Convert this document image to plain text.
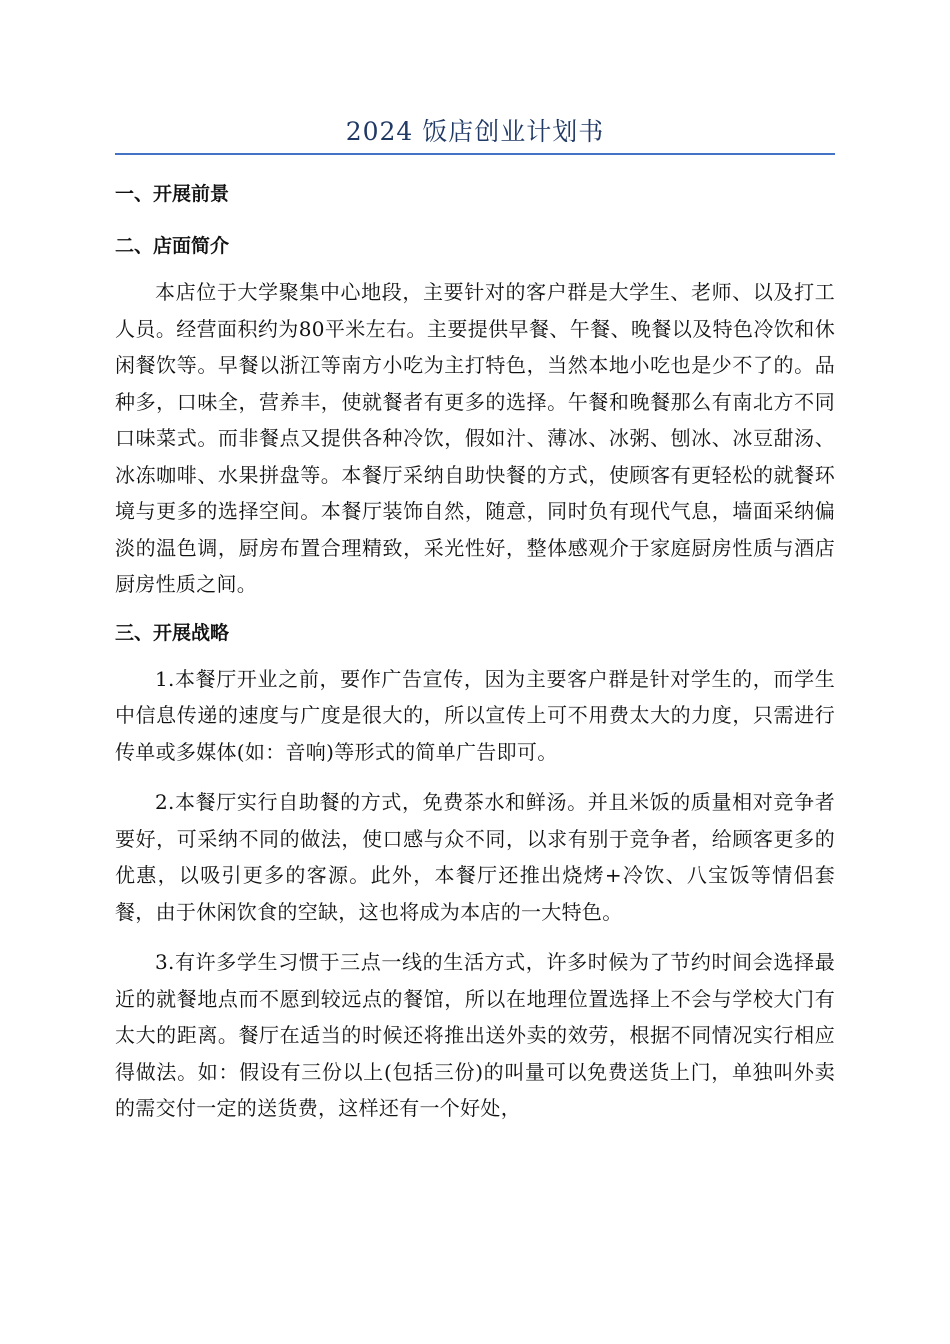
2024 饭店创业计划书

一、开展前景

二、店面简介

本店位于大学聚集中心地段，主要针对的客户群是大学生、老师、以及打工人员。经营面积约为80平米左右。主要提供早餐、午餐、晚餐以及特色冷饮和休闲餐饮等。早餐以浙江等南方小吃为主打特色，当然本地小吃也是少不了的。品种多，口味全，营养丰，使就餐者有更多的选择。午餐和晚餐那么有南北方不同口味菜式。而非餐点又提供各种冷饮，假如汁、薄冰、冰粥、刨冰、冰豆甜汤、冰冻咖啡、水果拼盘等。本餐厅采纳自助快餐的方式，使顾客有更轻松的就餐环境与更多的选择空间。本餐厅装饰自然，随意，同时负有现代气息，墙面采纳偏淡的温色调，厨房布置合理精致，采光性好，整体感观介于家庭厨房性质与酒店厨房性质之间。

三、开展战略

1.本餐厅开业之前，要作广告宣传，因为主要客户群是针对学生的，而学生中信息传递的速度与广度是很大的，所以宣传上可不用费太大的力度，只需进行传单或多媒体(如：音响)等形式的简单广告即可。

2.本餐厅实行自助餐的方式，免费茶水和鲜汤。并且米饭的质量相对竞争者要好，可采纳不同的做法，使口感与众不同，以求有别于竞争者，给顾客更多的优惠，以吸引更多的客源。此外，本餐厅还推出烧烤+冷饮、八宝饭等情侣套餐，由于休闲饮食的空缺，这也将成为本店的一大特色。

3.有许多学生习惯于三点一线的生活方式，许多时候为了节约时间会选择最近的就餐地点而不愿到较远点的餐馆，所以在地理位置选择上不会与学校大门有太大的距离。餐厅在适当的时候还将推出送外卖的效劳，根据不同情况实行相应得做法。如：假设有三份以上(包括三份)的叫量可以免费送货上门，单独叫外卖的需交付一定的送货费，这样还有一个好处，
